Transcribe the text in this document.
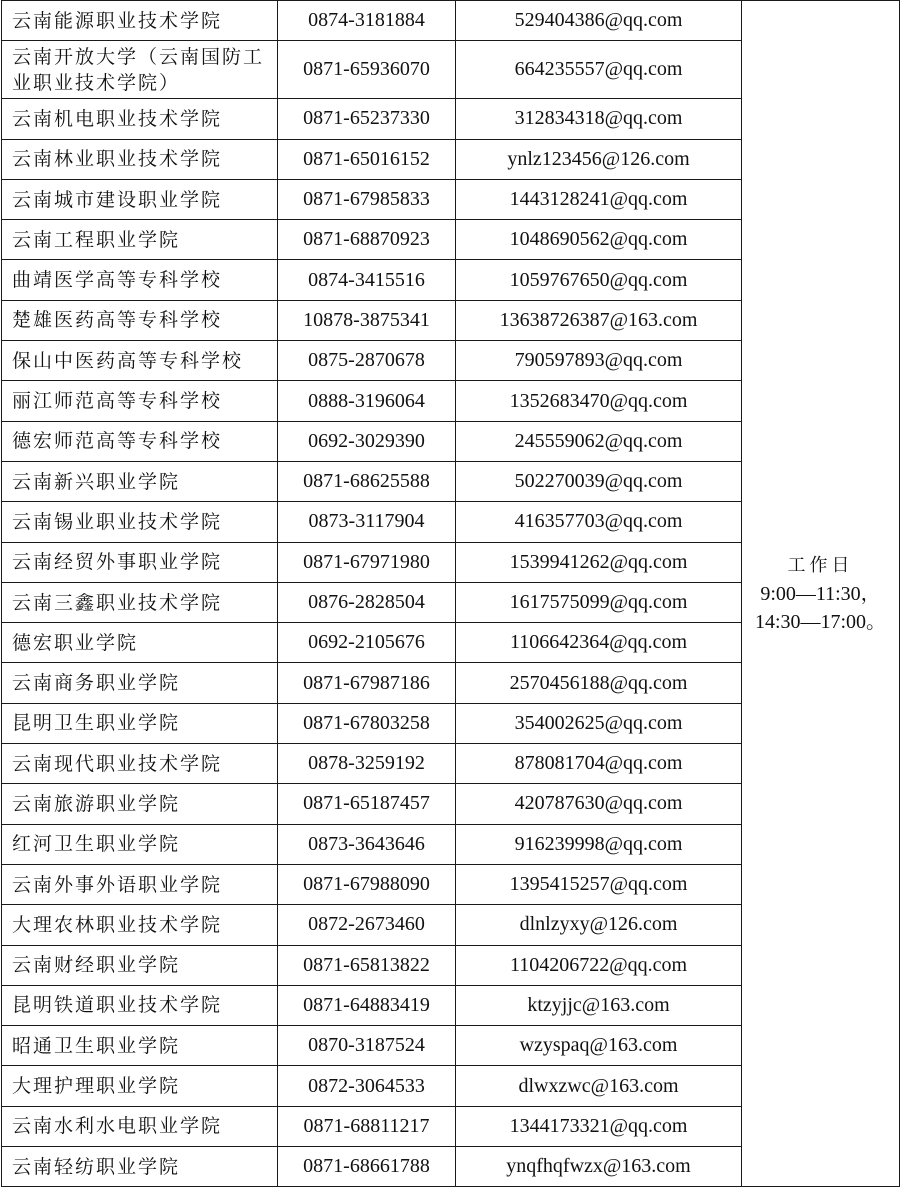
云南能源职业技术学院	0874-3181884	529404386@qq.com	工作日
9:00—11:30，
14:30—17:00。

云南开放大学（云南国防工业职业技术学院）	0871-65936070	664235557@qq.com	
云南机电职业技术学院	0871-65237330	312834318@qq.com	
云南林业职业技术学院	0871-65016152	ynlz123456@126.com	
云南城市建设职业学院	0871-67985833	1443128241@qq.com	
云南工程职业学院	0871-68870923	1048690562@qq.com	
曲靖医学高等专科学校	0874-3415516	1059767650@qq.com	
楚雄医药高等专科学校	10878-3875341	13638726387@163.com	
保山中医药高等专科学校	0875-2870678	790597893@qq.com	
丽江师范高等专科学校	0888-3196064	1352683470@qq.com	
德宏师范高等专科学校	0692-3029390	245559062@qq.com	
云南新兴职业学院	0871-68625588	502270039@qq.com	
云南锡业职业技术学院	0873-3117904	416357703@qq.com	
云南经贸外事职业学院	0871-67971980	1539941262@qq.com	
云南三鑫职业技术学院	0876-2828504	1617575099@qq.com	
德宏职业学院	0692-2105676	1106642364@qq.com	
云南商务职业学院	0871-67987186	2570456188@qq.com	
昆明卫生职业学院	0871-67803258	354002625@qq.com	
云南现代职业技术学院	0878-3259192	878081704@qq.com	
云南旅游职业学院	0871-65187457	420787630@qq.com	
红河卫生职业学院	0873-3643646	916239998@qq.com	
云南外事外语职业学院	0871-67988090	1395415257@qq.com	
大理农林职业技术学院	0872-2673460	dlnlzyxy@126.com	
云南财经职业学院	0871-65813822	1104206722@qq.com	
昆明铁道职业技术学院	0871-64883419	ktzyjjc@163.com	
昭通卫生职业学院	0870-3187524	wzyspaq@163.com	
大理护理职业学院	0872-3064533	dlwxzwc@163.com	
云南水利水电职业学院	0871-68811217	1344173321@qq.com	
云南轻纺职业学院	0871-68661788	ynqfhqfwzx@163.com	
